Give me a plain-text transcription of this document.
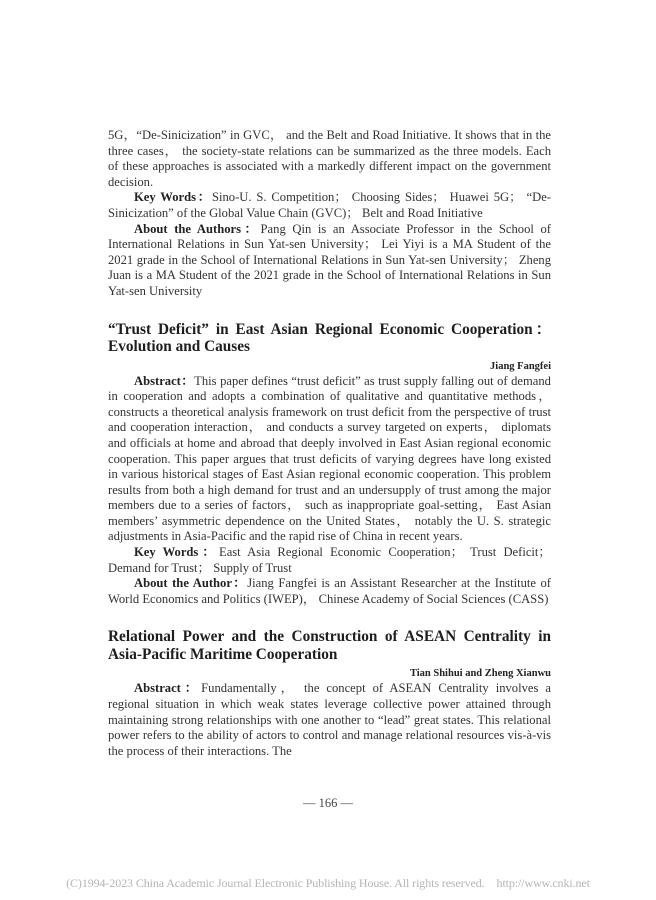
5G，“De-Sinicization” in GVC， and the Belt and Road Initiative. It shows that in the three cases， the society-state relations can be summarized as the three models. Each of these approaches is associated with a markedly different impact on the government decision.

Key Words：Sino-U. S. Competition； Choosing Sides； Huawei 5G； “De-Sinicization” of the Global Value Chain (GVC)； Belt and Road Initiative

About the Authors：Pang Qin is an Associate Professor in the School of International Relations in Sun Yat-sen University； Lei Yiyi is a MA Student of the 2021 grade in the School of International Relations in Sun Yat-sen University； Zheng Juan is a MA Student of the 2021 grade in the School of International Relations in Sun Yat-sen University

“Trust Deficit” in East Asian Regional Economic Cooperation： Evolution and Causes

Jiang Fangfei

Abstract：This paper defines “trust deficit” as trust supply falling out of demand in cooperation and adopts a combination of qualitative and quantitative methods， constructs a theoretical analysis framework on trust deficit from the perspective of trust and cooperation interaction， and conducts a survey targeted on experts， diplomats and officials at home and abroad that deeply involved in East Asian regional economic cooperation. This paper argues that trust deficits of varying degrees have long existed in various historical stages of East Asian regional economic cooperation. This problem results from both a high demand for trust and an undersupply of trust among the major members due to a series of factors， such as inappropriate goal-setting， East Asian members’ asymmetric dependence on the United States， notably the U. S. strategic adjustments in Asia-Pacific and the rapid rise of China in recent years.

Key Words：East Asia Regional Economic Cooperation； Trust Deficit； Demand for Trust； Supply of Trust

About the Author：Jiang Fangfei is an Assistant Researcher at the Institute of World Economics and Politics (IWEP)， Chinese Academy of Social Sciences (CASS)

Relational Power and the Construction of ASEAN Centrality in Asia-Pacific Maritime Cooperation

Tian Shihui and Zheng Xianwu

Abstract：Fundamentally， the concept of ASEAN Centrality involves a regional situation in which weak states leverage collective power attained through maintaining strong relationships with one another to “lead” great states. This relational power refers to the ability of actors to control and manage relational resources vis-à-vis the process of their interactions. The

— 166 —
(C)1994-2023 China Academic Journal Electronic Publishing House. All rights reserved. http://www.cnki.net
